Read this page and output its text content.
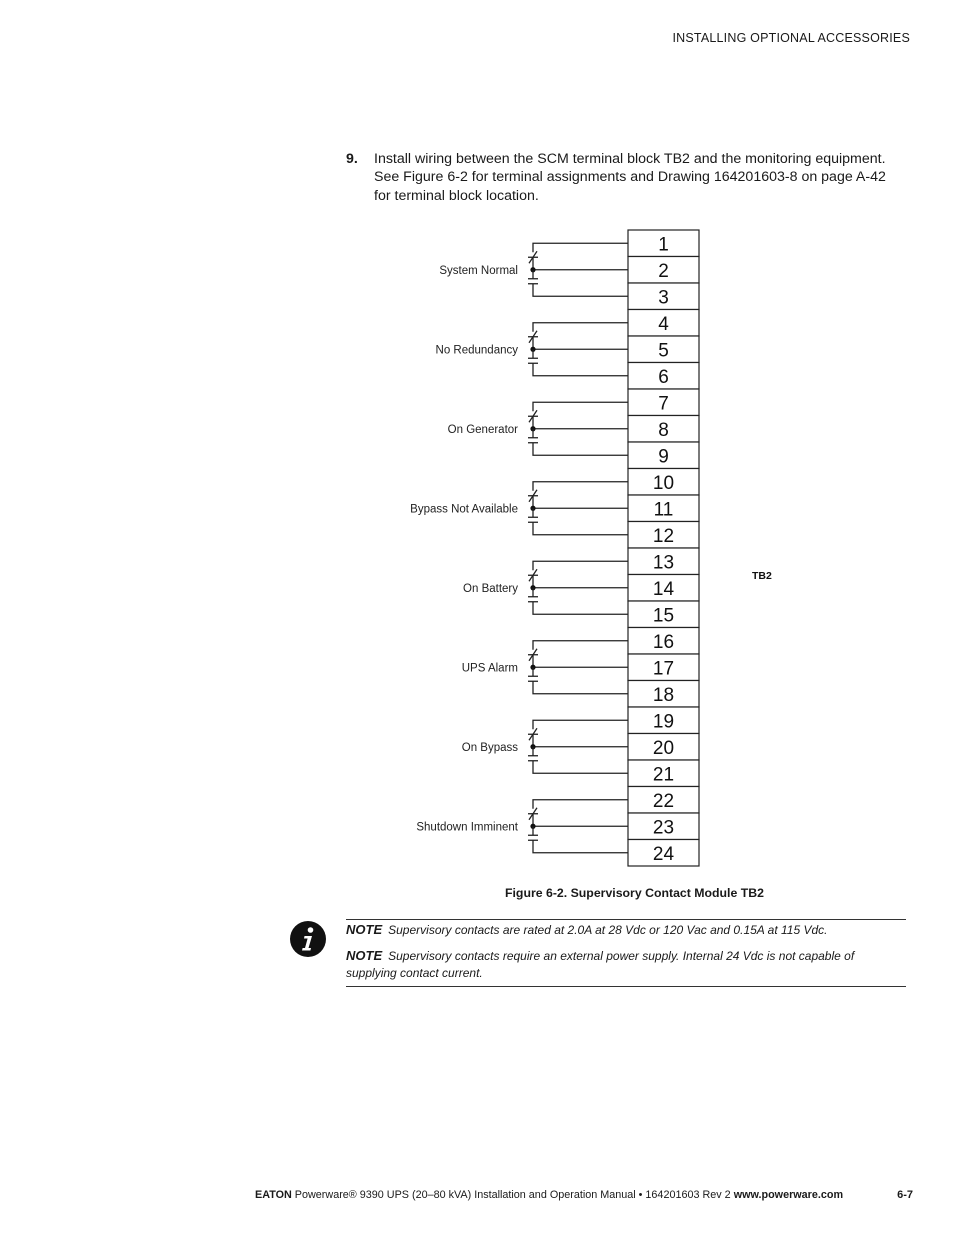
INSTALLING OPTIONAL ACCESSORIES
9. Install wiring between the SCM terminal block TB2 and the monitoring equipment. See Figure 6-2 for terminal assignments and Drawing 164201603-8 on page A-42 for terminal block location.
System Normal
No Redundancy
On Generator
Bypass Not Available
On Battery
UPS Alarm
On Bypass
Shutdown Imminent
1
2
3
4
5
6
7
8
9
10
11
12
13
14
15
16
17
18
19
20
21
22
23
24
TB2
Figure 6-2. Supervisory Contact Module TB2
NOTE Supervisory contacts are rated at 2.0A at 28 Vdc or 120 Vac and 0.15A at 115 Vdc.
NOTE Supervisory contacts require an external power supply. Internal 24 Vdc is not capable of supplying contact current.
EATON Powerware® 9390 UPS (20–80 kVA) Installation and Operation Manual • 164201603 Rev 2 www.powerware.com	6-7
